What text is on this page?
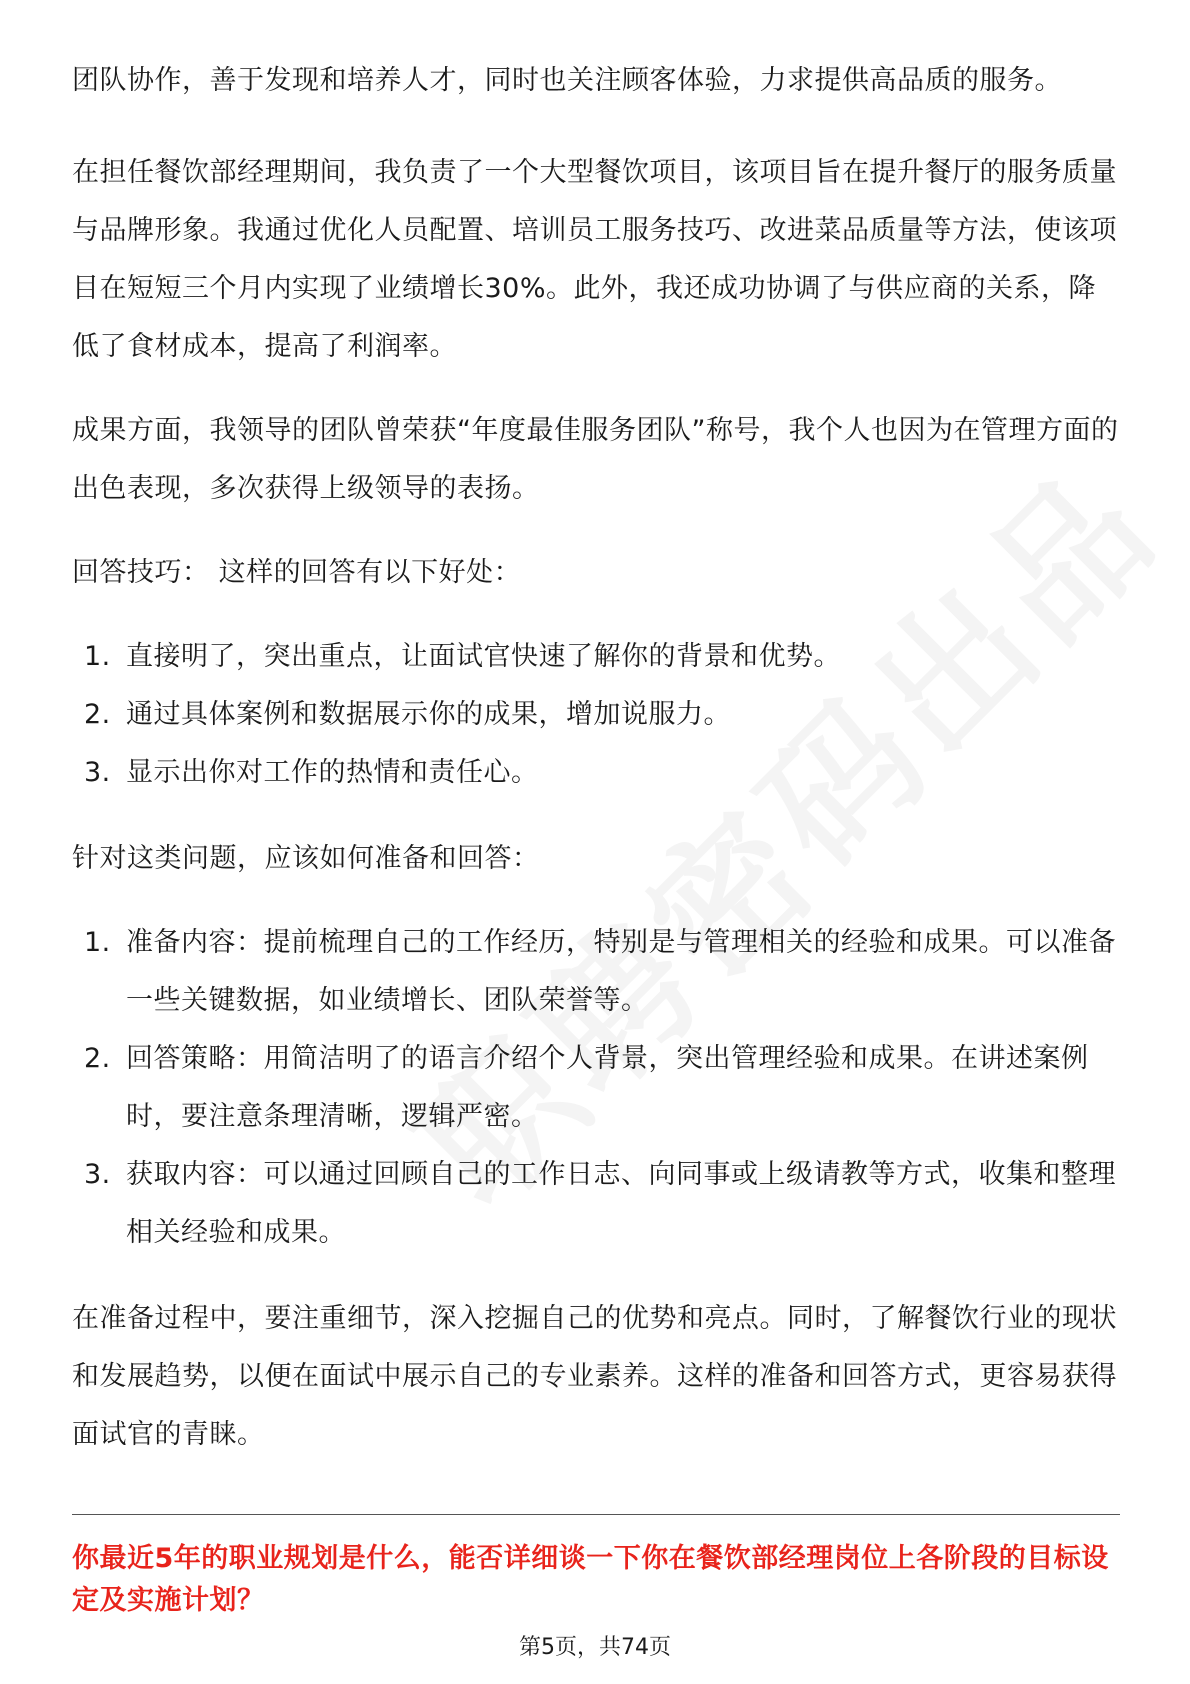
团队协作，善于发现和培养人才，同时也关注顾客体验，力求提供高品质的服务。

在担任餐饮部经理期间，我负责了一个大型餐饮项目，该项目旨在提升餐厅的服务质量与品牌形象。我通过优化人员配置、培训员工服务技巧、改进菜品质量等方法，使该项目在短短三个月内实现了业绩增长30%。此外，我还成功协调了与供应商的关系，降低了食材成本，提高了利润率。

成果方面，我领导的团队曾荣获“年度最佳服务团队”称号，我个人也因为在管理方面的出色表现，多次获得上级领导的表扬。

回答技巧： 这样的回答有以下好处：

1. 直接明了，突出重点，让面试官快速了解你的背景和优势。
2. 通过具体案例和数据展示你的成果，增加说服力。
3. 显示出你对工作的热情和责任心。

针对这类问题，应该如何准备和回答：

1. 准备内容：提前梳理自己的工作经历，特别是与管理相关的经验和成果。可以准备一些关键数据，如业绩增长、团队荣誉等。
2. 回答策略：用简洁明了的语言介绍个人背景，突出管理经验和成果。在讲述案例时，要注意条理清晰，逻辑严密。
3. 获取内容：可以通过回顾自己的工作日志、向同事或上级请教等方式，收集和整理相关经验和成果。

在准备过程中，要注重细节，深入挖掘自己的优势和亮点。同时，了解餐饮行业的现状和发展趋势，以便在面试中展示自己的专业素养。这样的准备和回答方式，更容易获得面试官的青睐。

你最近5年的职业规划是什么，能否详细谈一下你在餐饮部经理岗位上各阶段的目标设定及实施计划？
第5页，共74页
